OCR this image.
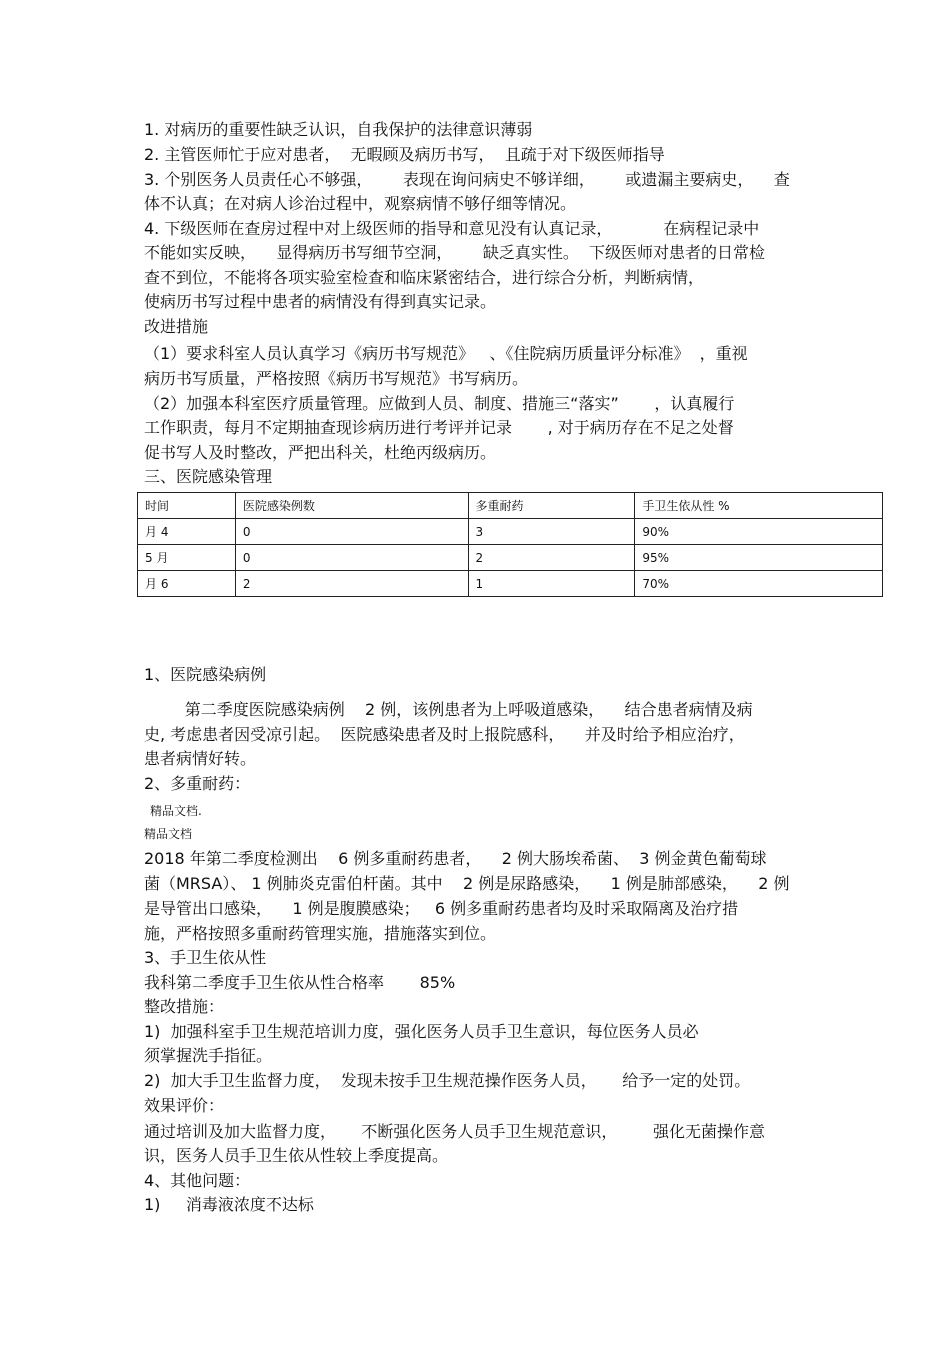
1. 对病历的重要性缺乏认识，自我保护的法律意识薄弱
2. 主管医师忙于应对患者，  无暇顾及病历书写，  且疏于对下级医师指导
3. 个别医务人员责任心不够强，      表现在询问病史不够详细，      或遗漏主要病史，    查
体不认真；在对病人诊治过程中，观察病情不够仔细等情况。
4. 下级医师在查房过程中对上级医师的指导和意见没有认真记录，          在病程记录中
不能如实反映，    显得病历书写细节空洞，      缺乏真实性。  下级医师对患者的日常检
查不到位，不能将各项实验室检查和临床紧密结合，进行综合分析，判断病情，
使病历书写过程中患者的病情没有得到真实记录。
改进措施
（1）要求科室人员认真学习《病历书写规范》   、《住院病历质量评分标准》  ，重视
病历书写质量，严格按照《病历书写规范》书写病历。
（2）加强本科室医疗质量管理。应做到人员、制度、措施三“落实”       ，认真履行
工作职责，每月不定期抽查现诊病历进行考评并记录       , 对于病历存在不足之处督
促书写人及时整改，严把出科关，杜绝丙级病历。
三、医院感染管理
时间	医院感染例数	多重耐药	手卫生依从性 %
月 4	0	3	90%
5 月	0	2	95%
月 6	2	1	70%
1、医院感染病例
第二季度医院感染病例    2 例，该例患者为上呼吸道感染，    结合患者病情及病
史, 考虑患者因受凉引起。  医院感染患者及时上报院感科，    并及时给予相应治疗，
患者病情好转。
2、多重耐药：
精品文档.
精品文档
2018 年第二季度检测出    6 例多重耐药患者，    2 例大肠埃希菌、  3 例金黄色葡萄球
菌（MRSA）、 1 例肺炎克雷伯杆菌。其中    2 例是尿路感染，    1 例是肺部感染，    2 例
是导管出口感染，    1 例是腹膜感染；   6 例多重耐药患者均及时采取隔离及治疗措
施，严格按照多重耐药管理实施，措施落实到位。
3、手卫生依从性
我科第二季度手卫生依从性合格率       85%
整改措施：
1)  加强科室手卫生规范培训力度，强化医务人员手卫生意识，每位医务人员必
须掌握洗手指征。
2)  加大手卫生监督力度，  发现未按手卫生规范操作医务人员，     给予一定的处罚。
效果评价：
通过培训及加大监督力度，     不断强化医务人员手卫生规范意识，       强化无菌操作意
识，医务人员手卫生依从性较上季度提高。
4、其他问题：
1)     消毒液浓度不达标
